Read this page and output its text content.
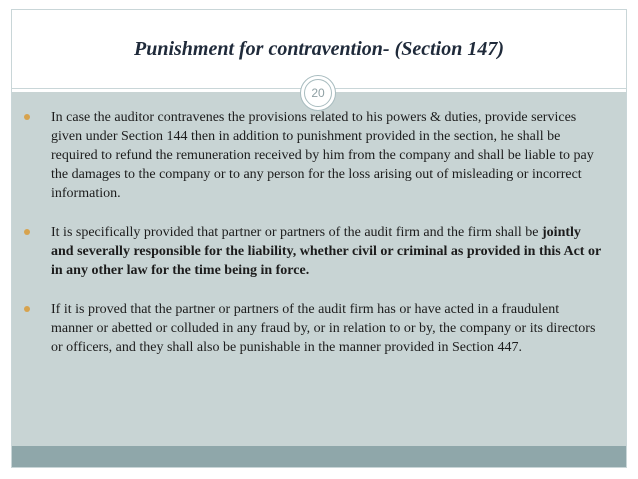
Punishment for contravention- (Section 147)
20
In case the auditor contravenes the provisions related to his powers & duties, provide services given under Section 144 then in addition to punishment provided in the section, he shall be required to refund the remuneration received by him from the company and shall be liable to pay the damages to the company or to any person for the loss arising out of misleading or incorrect information.
It is specifically provided that partner or partners of the audit firm and the firm shall be jointly and severally responsible for the liability, whether civil or criminal as provided in this Act or in any other law for the time being in force.
If it is proved that the partner or partners of the audit firm has or have acted in a fraudulent manner or abetted or colluded in any fraud by, or in relation to or by, the company or its directors or officers, and they shall also be punishable in the manner provided in Section 447.
